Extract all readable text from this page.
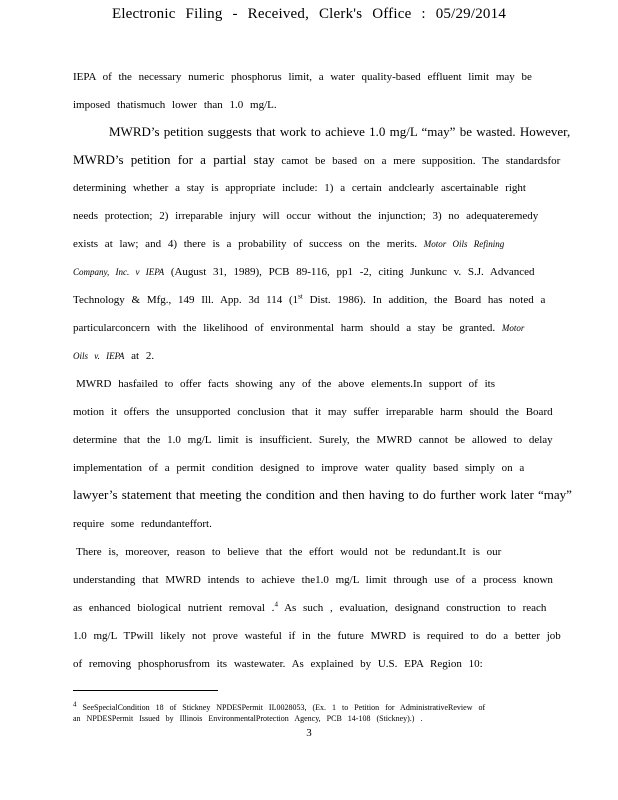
Electronic Filing - Received, Clerk's Office : 05/29/2014
IEPA of the necessary numeric phosphorus limit, a water quality-based effluent limit may be
imposed thatismuch lower than 1.0 mg/L.
MWRD’s petition suggests that work to achieve 1.0 mg/L “may” be wasted. However,
MWRD’s petition for a partial stay camot be based on a mere supposition. The standardsfor
determining whether a stay is appropriate include: 1) a certain andclearly ascertainable right
needs protection; 2) irreparable injury will occur without the injunction; 3) no adequateremedy
exists at law; and 4) there is a probability of success on the merits. Motor Oils Refining
Company, Inc. v IEPA (August 31, 1989), PCB 89-116, pp1 -2, citing Junkunc v. S.J. Advanced
Technology & Mfg., 149 Ill. App. 3d 114 (1st Dist. 1986). In addition, the Board has noted a
particularconcern with the likelihood of environmental harm should a stay be granted. Motor
Oils v. IEPA at 2.
MWRD hasfailed to offer facts showing any of the above elements.In support of its
motion it offers the unsupported conclusion that it may suffer irreparable harm should the Board
determine that the 1.0 mg/L limit is insufficient. Surely, the MWRD cannot be allowed to delay
implementation of a permit condition designed to improve water quality based simply on a
lawyer’s statement that meeting the condition and then having to do further work later “may”
require some redundanteffort.
There is, moreover, reason to believe that the effort would not be redundant.It is our
understanding that MWRD intends to achieve the1.0 mg/L limit through use of a process known
as enhanced biological nutrient removal .$^4$ As such , evaluation, designand construction to reach
1.0 mg/L TPwill likely not prove wasteful if in the future MWRD is required to do a better job
of removing phosphorusfrom its wastewater. As explained by U.S. EPA Region 10:
$^4$ SeeSpecialCondition 18 of Stickney NPDESPermit IL0028053, (Ex. 1 to Petition for AdministrativeReview of
an NPDESPermit Issued by Illinois EnvironmentalProtection Agency, PCB 14-108 (Stickney).) .
3
